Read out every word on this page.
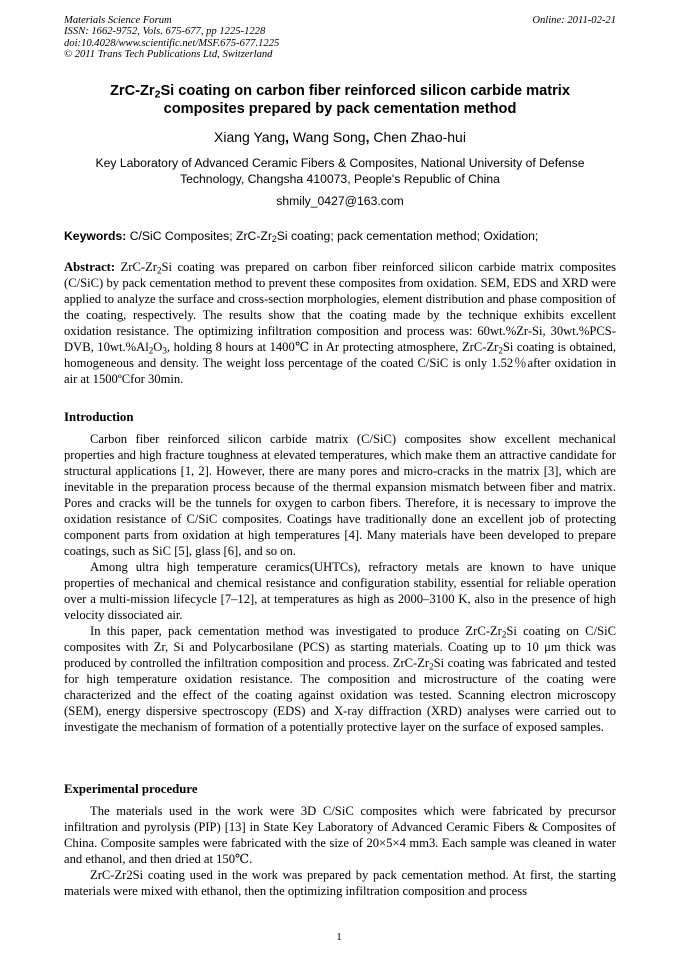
Materials Science Forum
ISSN: 1662-9752, Vols. 675-677, pp 1225-1228
doi:10.4028/www.scientific.net/MSF.675-677.1225
© 2011 Trans Tech Publications Ltd, Switzerland
Online: 2011-02-21
ZrC-$Zr_2Si$ coating on carbon fiber reinforced silicon carbide matrix
composites prepared by pack cementation method
Xiang Yang, Wang Song, Chen Zhao-hui
Key Laboratory of Advanced Ceramic Fibers & Composites, National University of Defense
Technology, Changsha 410073, People's Republic of China
shmily_0427@163.com
Keywords: C/SiC Composites; ZrC-$Zr_2Si$ coating; pack cementation method; Oxidation;

Abstract: ZrC-$Zr_2Si$ coating was prepared on carbon fiber reinforced silicon carbide matrix composites (C/SiC) by pack cementation method to prevent these composites from oxidation. SEM, EDS and XRD were applied to analyze the surface and cross-section morphologies, element distribution and phase composition of the coating, respectively. The results show that the coating made by the technique exhibits excellent oxidation resistance. The optimizing infiltration composition and process was: 60wt.%Zr-Si, 30wt.%PCS-DVB, $10wt.\%Al_2O_3$, holding 8 hours at 1400℃ in Ar protecting atmosphere, ZrC-$Zr_2Si$ coating is obtained, homogeneous and density. The weight loss percentage of the coated C/SiC is only 1.52％after oxidation in air at 1500ºCfor 30min.

Introduction

Carbon fiber reinforced silicon carbide matrix (C/SiC) composites show excellent mechanical properties and high fracture toughness at elevated temperatures, which make them an attractive candidate for structural applications [1, 2]. However, there are many pores and micro-cracks in the matrix [3], which are inevitable in the preparation process because of the thermal expansion mismatch between fiber and matrix. Pores and cracks will be the tunnels for oxygen to carbon fibers. Therefore, it is necessary to improve the oxidation resistance of C/SiC composites. Coatings have traditionally done an excellent job of protecting component parts from oxidation at high temperatures [4]. Many materials have been developed to prepare coatings, such as SiC [5], glass [6], and so on.

Among ultra high temperature ceramics(UHTCs), refractory metals are known to have unique properties of mechanical and chemical resistance and configuration stability, essential for reliable operation over a multi-mission lifecycle [7–12], at temperatures as high as 2000–3100 K, also in the presence of high velocity dissociated air.

In this paper, pack cementation method was investigated to produce ZrC-$Zr_2Si$ coating on C/SiC composites with Zr, Si and Polycarbosilane (PCS) as starting materials. Coating up to 10 μm thick was produced by controlled the infiltration composition and process. ZrC-$Zr_2Si$ coating was fabricated and tested for high temperature oxidation resistance. The composition and microstructure of the coating were characterized and the effect of the coating against oxidation was tested. Scanning electron microscopy (SEM), energy dispersive spectroscopy (EDS) and X-ray diffraction (XRD) analyses were carried out to investigate the mechanism of formation of a potentially protective layer on the surface of exposed samples.

Experimental procedure

The materials used in the work were 3D C/SiC composites which were fabricated by precursor infiltration and pyrolysis (PIP) [13] in State Key Laboratory of Advanced Ceramic Fibers & Composites of China. Composite samples were fabricated with the size of 20×5×4 mm3. Each sample was cleaned in water and ethanol, and then dried at 150℃.

ZrC-Zr2Si coating used in the work was prepared by pack cementation method. At first, the starting materials were mixed with ethanol, then the optimizing infiltration composition and process

1
